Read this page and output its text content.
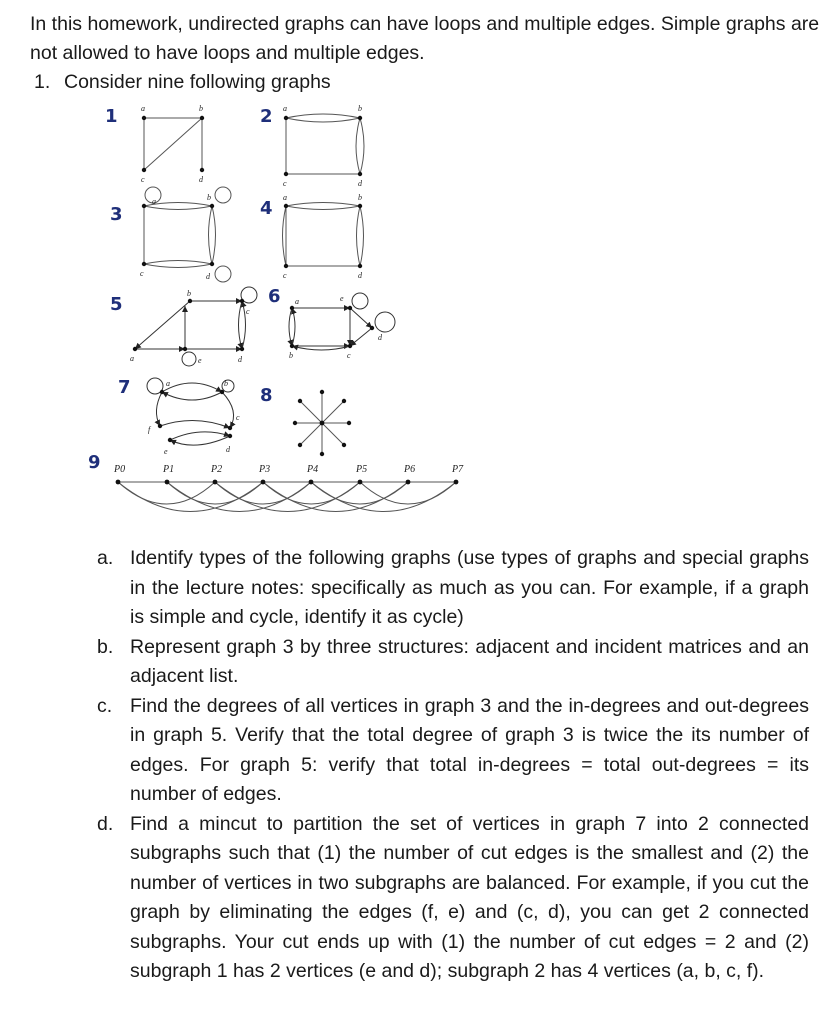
In this homework, undirected graphs can have loops and multiple edges. Simple graphs are not allowed to have loops and multiple edges.
1. Consider nine following graphs
a	b
c	d
a	b
c	d
a	b
c	d
a	b
c	d
a
b
c
d
e
a
b	c
d
e
a	b
c
d
e
f
P0	P1	P2	P3	P4	P5	P6	P7
1	2
3	4
5	6
7	8
9
a. Identify types of the following graphs (use types of graphs and special graphs in the lecture notes: specifically as much as you can. For example, if a graph is simple and cycle, identify it as cycle)
b. Represent graph 3 by three structures: adjacent and incident matrices and an adjacent list.
c. Find the degrees of all vertices in graph 3 and the in-degrees and out-degrees in graph 5. Verify that the total degree of graph 3 is twice the its number of edges. For graph 5: verify that total in-degrees = total out-degrees = its number of edges.
d. Find a mincut to partition the set of vertices in graph 7 into 2 connected subgraphs such that (1) the number of cut edges is the smallest and (2) the number of vertices in two subgraphs are balanced. For example, if you cut the graph by eliminating the edges (f, e) and (c, d), you can get 2 connected subgraphs. Your cut ends up with (1) the number of cut edges = 2 and (2) subgraph 1 has 2 vertices (e and d); subgraph 2 has 4 vertices (a, b, c, f).
